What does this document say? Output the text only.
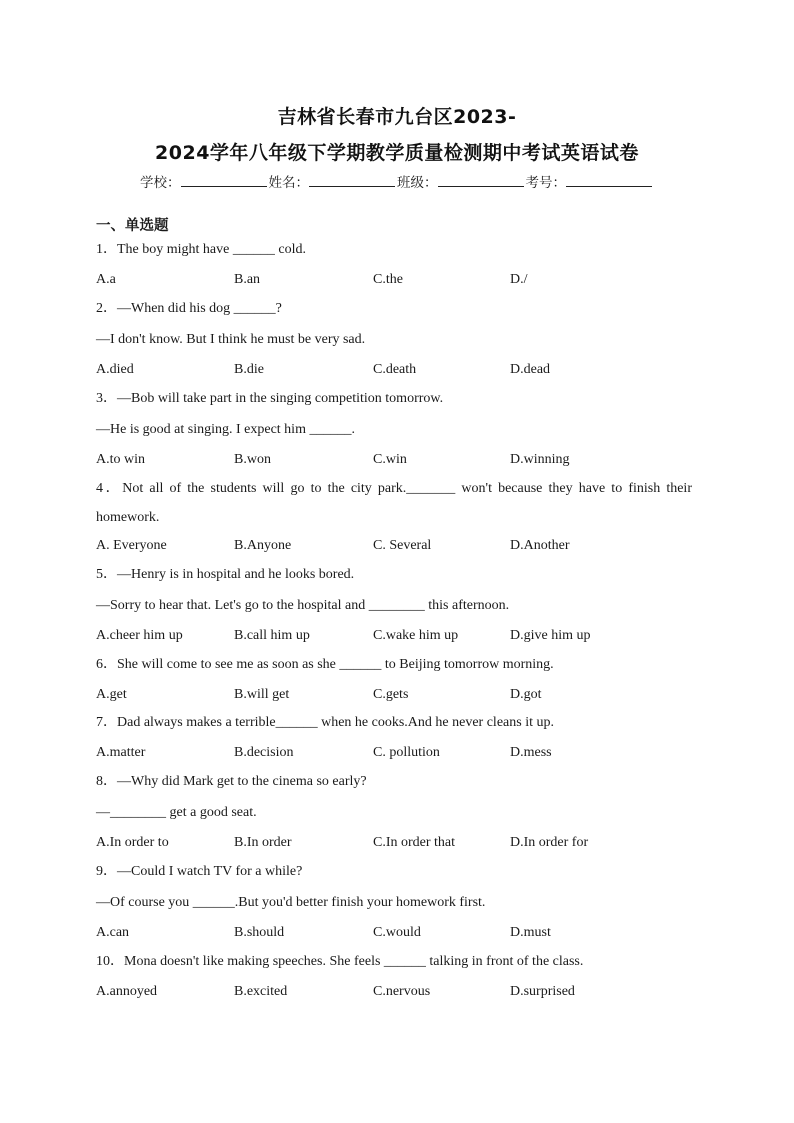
吉林省长春市九台区2023-
2024学年八年级下学期教学质量检测期中考试英语试卷
学校：	姓名：	班级：	考号：
一、单选题
1．The boy might have ______ cold.
A.a	B.an	C.the	D./
2．—When did his dog ______?
—I don't know. But I think he must be very sad.
A.died	B.die	C.death	D.dead
3．—Bob will take part in the singing competition tomorrow.
—He is good at singing. I expect him ______.
A.to win	B.won	C.win	D.winning
4．Not all of the students will go to the city park._______ won't because they have to finish their homework.
A. Everyone	B.Anyone	C. Several	D.Another
5．—Henry is in hospital and he looks bored.
—Sorry to hear that. Let's go to the hospital and ________ this afternoon.
A.cheer him up	B.call him up	C.wake him up	D.give him up
6．She will come to see me as soon as she ______ to Beijing tomorrow morning.
A.get	B.will get	C.gets	D.got
7．Dad always makes a terrible______ when he cooks.And he never cleans it up.
A.matter	B.decision	C. pollution	D.mess
8．—Why did Mark get to the cinema so early?
—________ get a good seat.
A.In order to	B.In order	C.In order that	D.In order for
9．—Could I watch TV for a while?
—Of course you ______.But you'd better finish your homework first.
A.can	B.should	C.would	D.must
10．Mona doesn't like making speeches. She feels ______ talking in front of the class.
A.annoyed	B.excited	C.nervous	D.surprised
